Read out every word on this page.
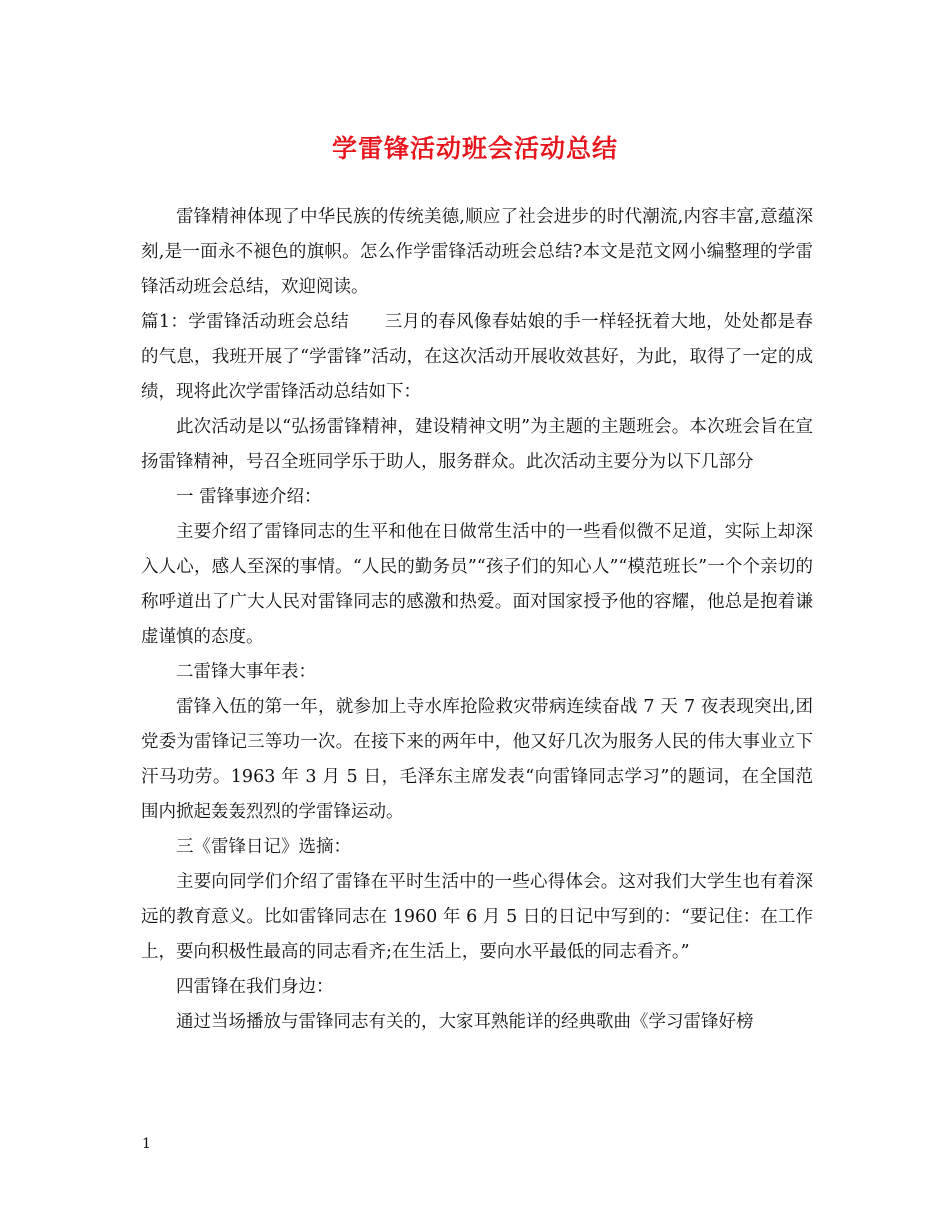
学雷锋活动班会活动总结

雷锋精神体现了中华民族的传统美德,顺应了社会进步的时代潮流,内容丰富,意蕴深刻,是一面永不褪色的旗帜。怎么作学雷锋活动班会总结?本文是范文网小编整理的学雷锋活动班会总结，欢迎阅读。

篇1：学雷锋活动班会总结　　三月的春风像春姑娘的手一样轻抚着大地，处处都是春的气息，我班开展了“学雷锋”活动，在这次活动开展收效甚好，为此，取得了一定的成绩，现将此次学雷锋活动总结如下：

此次活动是以“弘扬雷锋精神，建设精神文明”为主题的主题班会。本次班会旨在宣扬雷锋精神，号召全班同学乐于助人，服务群众。此次活动主要分为以下几部分

一 雷锋事迹介绍：

主要介绍了雷锋同志的生平和他在日做常生活中的一些看似微不足道，实际上却深入人心，感人至深的事情。“人民的勤务员”“孩子们的知心人”“模范班长”一个个亲切的称呼道出了广大人民对雷锋同志的感激和热爱。面对国家授予他的容耀，他总是抱着谦虚谨慎的态度。

二雷锋大事年表：

雷锋入伍的第一年，就参加上寺水库抢险救灾带病连续奋战 7 天 7 夜表现突出,团党委为雷锋记三等功一次。在接下来的两年中，他又好几次为服务人民的伟大事业立下汗马功劳。1963 年 3 月 5 日，毛泽东主席发表“向雷锋同志学习”的题词，在全国范围内掀起轰轰烈烈的学雷锋运动。

三《雷锋日记》选摘：

主要向同学们介绍了雷锋在平时生活中的一些心得体会。这对我们大学生也有着深远的教育意义。比如雷锋同志在 1960 年 6 月 5 日的日记中写到的：“要记住：在工作上，要向积极性最高的同志看齐;在生活上，要向水平最低的同志看齐。”

四雷锋在我们身边：

通过当场播放与雷锋同志有关的，大家耳熟能详的经典歌曲《学习雷锋好榜

1
